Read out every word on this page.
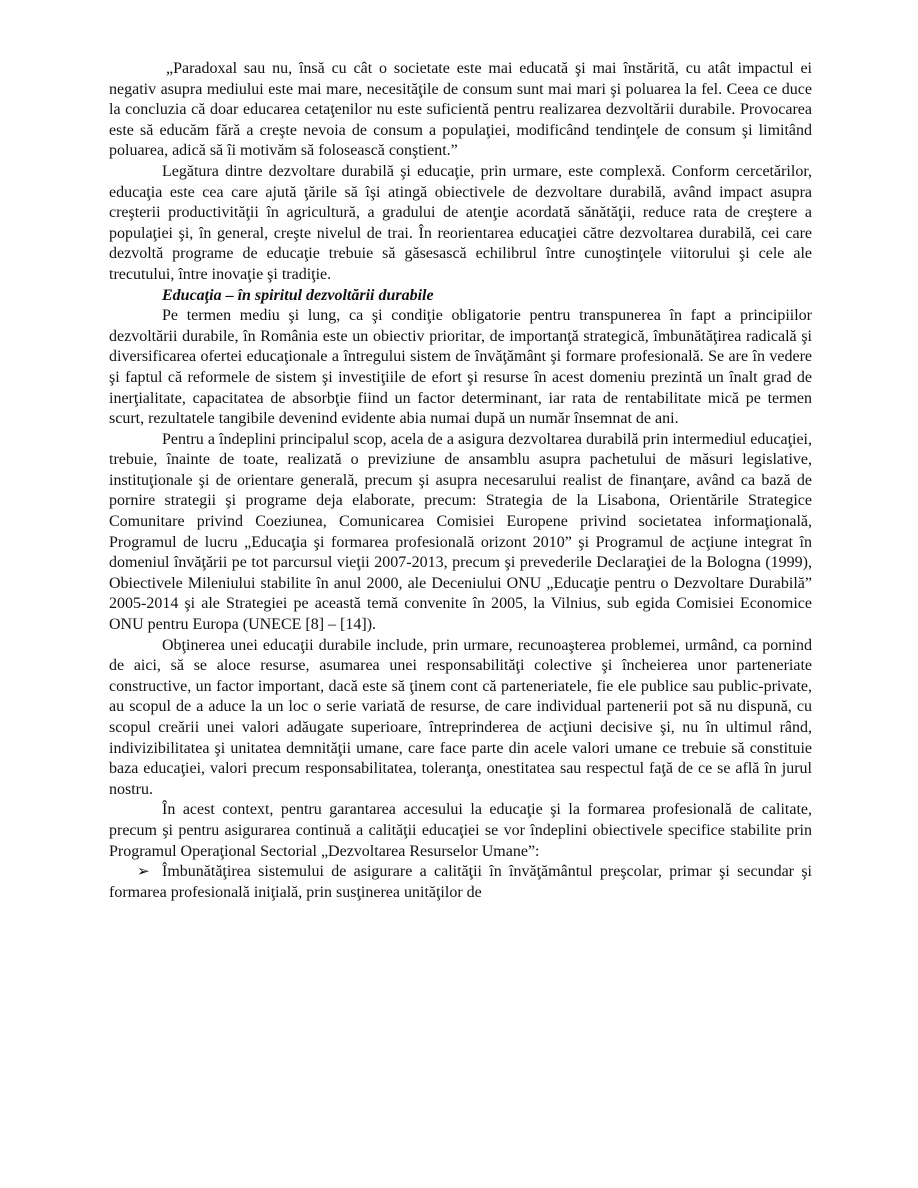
„Paradoxal sau nu, însă cu cât o societate este mai educată şi mai înstărită, cu atât impactul ei negativ asupra mediului este mai mare, necesităţile de consum sunt mai mari şi poluarea la fel. Ceea ce duce la concluzia că doar educarea cetaţenilor nu este suficientă pentru realizarea dezvoltării durabile. Provocarea este să educăm fără a creşte nevoia de consum a populaţiei, modificând tendinţele de consum şi limitând poluarea, adică să îi motivăm să folosească conştient.”

Legătura dintre dezvoltare durabilă şi educaţie, prin urmare, este complexă. Conform cercetărilor, educaţia este cea care ajută ţările să îşi atingă obiectivele de dezvoltare durabilă, având impact asupra creşterii productivităţii în agricultură, a gradului de atenţie acordată sănătăţii, reduce rata de creştere a populaţiei şi, în general, creşte nivelul de trai. În reorientarea educaţiei către dezvoltarea durabilă, cei care dezvoltă programe de educaţie trebuie să găsesască echilibrul între cunoştinţele viitorului şi cele ale trecutului, între inovaţie şi tradiţie.

Educaţia – în spiritul dezvoltării durabile

Pe termen mediu şi lung, ca şi condiţie obligatorie pentru transpunerea în fapt a principiilor dezvoltării durabile, în România este un obiectiv prioritar, de importanţă strategică, îmbunătăţirea radicală şi diversificarea ofertei educaţionale a întregului sistem de învăţământ şi formare profesională. Se are în vedere şi faptul că reformele de sistem şi investiţiile de efort şi resurse în acest domeniu prezintă un înalt grad de inerţialitate, capacitatea de absorbţie fiind un factor determinant, iar rata de rentabilitate mică pe termen scurt, rezultatele tangibile devenind evidente abia numai după un număr însemnat de ani.

Pentru a îndeplini principalul scop, acela de a asigura dezvoltarea durabilă prin intermediul educaţiei, trebuie, înainte de toate, realizată o previziune de ansamblu asupra pachetului de măsuri legislative, instituţionale şi de orientare generală, precum şi asupra necesarului realist de finanţare, având ca bază de pornire strategii şi programe deja elaborate, precum: Strategia de la Lisabona, Orientările Strategice Comunitare privind Coeziunea, Comunicarea Comisiei Europene privind societatea informaţională, Programul de lucru „Educaţia şi formarea profesională orizont 2010” şi Programul de acţiune integrat în domeniul învăţării pe tot parcursul vieţii 2007-2013, precum şi prevederile Declaraţiei de la Bologna (1999), Obiectivele Mileniului stabilite în anul 2000, ale Deceniului ONU „Educaţie pentru o Dezvoltare Durabilă” 2005-2014 şi ale Strategiei pe această temă convenite în 2005, la Vilnius, sub egida Comisiei Economice ONU pentru Europa (UNECE [8] – [14]).

Obţinerea unei educaţii durabile include, prin urmare, recunoaşterea problemei, urmând, ca pornind de aici, să se aloce resurse, asumarea unei responsabilităţi colective şi încheierea unor parteneriate constructive, un factor important, dacă este să ţinem cont că parteneriatele, fie ele publice sau public-private, au scopul de a aduce la un loc o serie variată de resurse, de care individual partenerii pot să nu dispună, cu scopul creării unei valori adăugate superioare, întreprinderea de acţiuni decisive şi, nu în ultimul rând, indivizibilitatea şi unitatea demnităţii umane, care face parte din acele valori umane ce trebuie să constituie baza educaţiei, valori precum responsabilitatea, toleranţa, onestitatea sau respectul faţă de ce se află în jurul nostru.

În acest context, pentru garantarea accesului la educaţie şi la formarea profesională de calitate, precum şi pentru asigurarea continuă a calităţii educaţiei se vor îndeplini obiectivele specifice stabilite prin Programul Operaţional Sectorial „Dezvoltarea Resurselor Umane”:

➢ Îmbunătăţirea sistemului de asigurare a calităţii în învăţământul preşcolar, primar şi secundar şi formarea profesională iniţială, prin susţinerea unităţilor de
